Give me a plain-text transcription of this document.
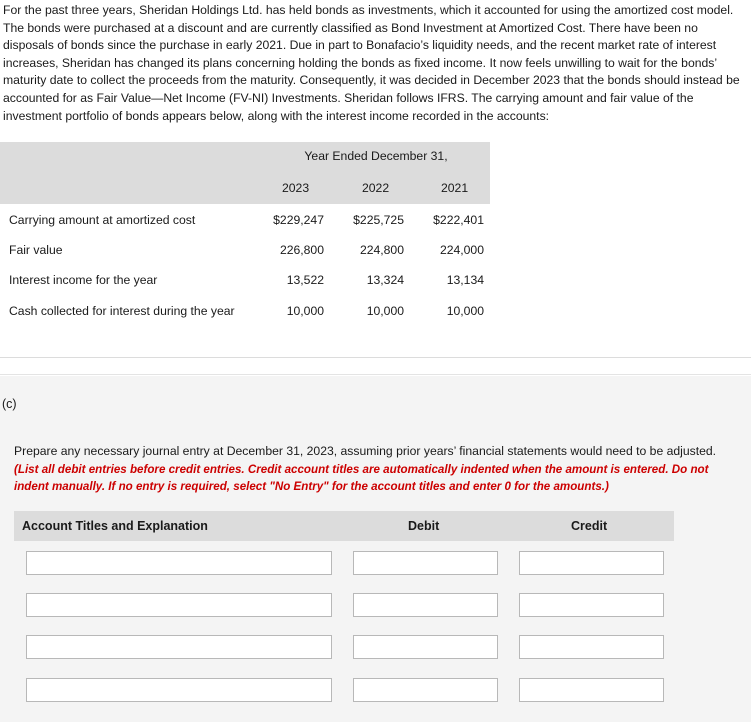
For the past three years, Sheridan Holdings Ltd. has held bonds as investments, which it accounted for using the amortized cost model. The bonds were purchased at a discount and are currently classified as Bond Investment at Amortized Cost. There have been no disposals of bonds since the purchase in early 2021. Due in part to Bonafacio’s liquidity needs, and the recent market rate of interest increases, Sheridan has changed its plans concerning holding the bonds as fixed income. It now feels unwilling to wait for the bonds’ maturity date to collect the proceeds from the maturity. Consequently, it was decided in December 2023 that the bonds should instead be accounted for as Fair Value—Net Income (FV-NI) Investments. Sheridan follows IFRS. The carrying amount and fair value of the investment portfolio of bonds appears below, along with the interest income recorded in the accounts:
Year Ended December 31,
2023	2022	2021
Carrying amount at amortized cost	$229,247	$225,725	$222,401
Fair value	226,800	224,800	224,000
Interest income for the year	13,522	13,324	13,134
Cash collected for interest during the year	10,000	10,000	10,000
(c)
Prepare any necessary journal entry at December 31, 2023, assuming prior years’ financial statements would need to be adjusted.
(List all debit entries before credit entries. Credit account titles are automatically indented when the amount is entered. Do not indent manually. If no entry is required, select "No Entry" for the account titles and enter 0 for the amounts.)
Account Titles and Explanation	Debit	Credit
